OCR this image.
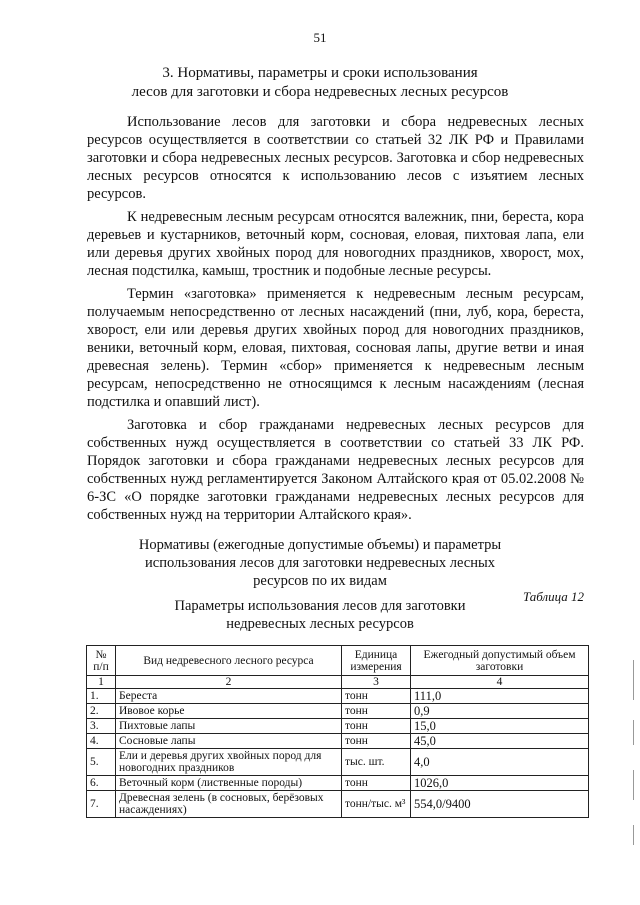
51
3. Нормативы, параметры и сроки использования
лесов для заготовки и сбора недревесных лесных ресурсов

Использование лесов для заготовки и сбора недревесных лесных ресурсов осуществляется в соответствии со статьей 32 ЛК РФ и Правилами заготовки и сбора недревесных лесных ресурсов. Заготовка и сбор недревесных лесных ресурсов относятся к использованию лесов с изъятием лесных ресурсов.

К недревесным лесным ресурсам относятся валежник, пни, береста, кора деревьев и кустарников, веточный корм, сосновая, еловая, пихтовая лапа, ели или деревья других хвойных пород для новогодних праздников, хворост, мох, лесная подстилка, камыш, тростник и подобные лесные ресурсы.

Термин «заготовка» применяется к недревесным лесным ресурсам, получаемым непосредственно от лесных насаждений (пни, луб, кора, береста, хворост, ели или деревья других хвойных пород для новогодних праздников, веники, веточный корм, еловая, пихтовая, сосновая лапы, другие ветви и иная древесная зелень). Термин «сбор» применяется к недревесным лесным ресурсам, непосредственно не относящимся к лесным насаждениям (лесная подстилка и опавший лист).

Заготовка и сбор гражданами недревесных лесных ресурсов для собственных нужд осуществляется в соответствии со статьей 33 ЛК РФ. Порядок заготовки и сбора гражданами недревесных лесных ресурсов для собственных нужд регламентируется Законом Алтайского края от 05.02.2008 № 6-ЗС «О порядке заготовки гражданами недревесных лесных ресурсов для собственных нужд на территории Алтайского края».

Нормативы (ежегодные допустимые объемы) и параметры
использования лесов для заготовки недревесных лесных
ресурсов по их видам
Таблица 12
Параметры использования лесов для заготовки
недревесных лесных ресурсов
№ п/п	Вид недревесного лесного ресурса	Единица измерения	Ежегодный допустимый объем заготовки
1	2	3	4
1.	Береста	тонн	111,0
2.	Ивовое корье	тонн	0,9
3.	Пихтовые лапы	тонн	15,0
4.	Сосновые лапы	тонн	45,0
5.	Ели и деревья других хвойных пород для новогодних праздников	тыс. шт.	4,0
6.	Веточный корм (лиственные породы)	тонн	1026,0
7.	Древесная зелень (в сосновых, берёзовых насаждениях)	тонн/тыс. м³	554,0/9400
